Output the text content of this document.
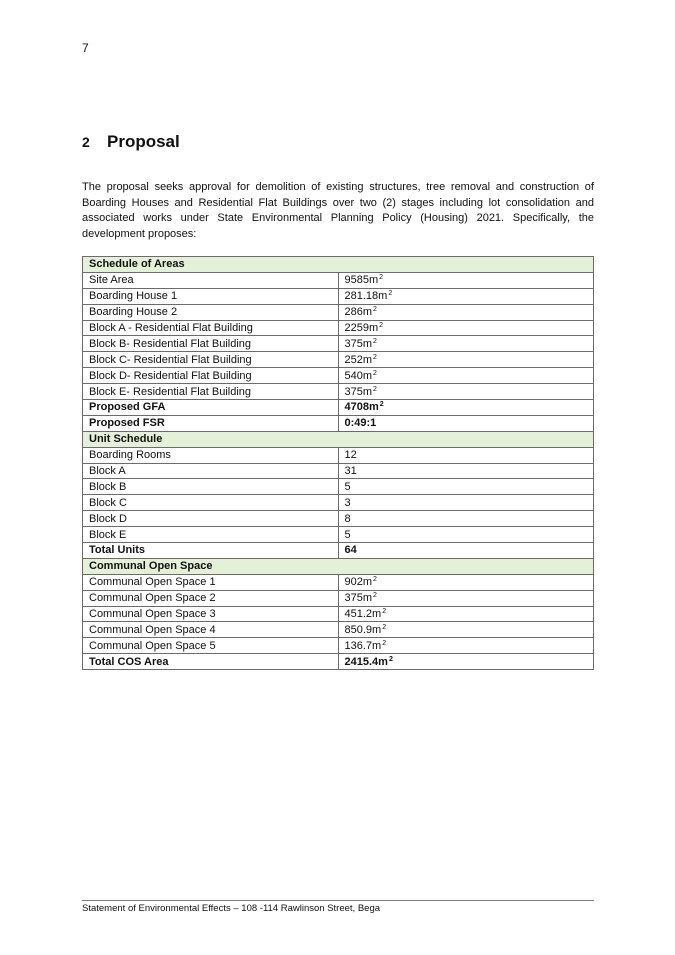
7
2 Proposal

The proposal seeks approval for demolition of existing structures, tree removal and construction of Boarding Houses and Residential Flat Buildings over two (2) stages including lot consolidation and associated works under State Environmental Planning Policy (Housing) 2021. Specifically, the development proposes:

Schedule of Areas	
Site Area	$9585m^2$
Boarding House 1	$281.18m^2$
Boarding House 2	$286m^2$
Block A - Residential Flat Building	$2259m^2$
Block B- Residential Flat Building	$375m^2$
Block C- Residential Flat Building	$252m^2$
Block D- Residential Flat Building	$540m^2$
Block E- Residential Flat Building	$375m^2$
Proposed GFA	$4708m^2$
Proposed FSR	0:49:1
Unit Schedule	
Boarding Rooms	12
Block A	31
Block B	5
Block C	3
Block D	8
Block E	5
Total Units	64
Communal Open Space	
Communal Open Space 1	$902m^2$
Communal Open Space 2	$375m^2$
Communal Open Space 3	$451.2m^2$
Communal Open Space 4	$850.9m^2$
Communal Open Space 5	$136.7m^2$
Total COS Area	$2415.4m^2$
Statement of Environmental Effects – 108 -114 Rawlinson Street, Bega
